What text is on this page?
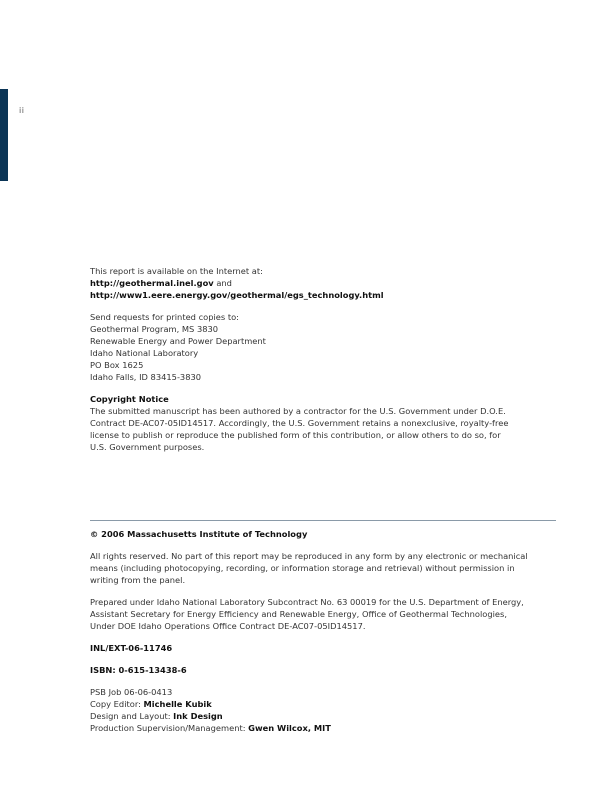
ii
This report is available on the Internet at:
http://geothermal.inel.gov and
http://www1.eere.energy.gov/geothermal/egs_technology.html
Send requests for printed copies to:
Geothermal Program, MS 3830
Renewable Energy and Power Department
Idaho National Laboratory
PO Box 1625
Idaho Falls, ID 83415-3830
Copyright Notice
The submitted manuscript has been authored by a contractor for the U.S. Government under D.O.E.
Contract DE-AC07-05ID14517. Accordingly, the U.S. Government retains a nonexclusive, royalty-free
license to publish or reproduce the published form of this contribution, or allow others to do so, for
U.S. Government purposes.
© 2006 Massachusetts Institute of Technology
All rights reserved. No part of this report may be reproduced in any form by any electronic or mechanical
means (including photocopying, recording, or information storage and retrieval) without permission in
writing from the panel.
Prepared under Idaho National Laboratory Subcontract No. 63 00019 for the U.S. Department of Energy,
Assistant Secretary for Energy Efficiency and Renewable Energy, Office of Geothermal Technologies,
Under DOE Idaho Operations Office Contract DE-AC07-05ID14517.
INL/EXT-06-11746
ISBN: 0-615-13438-6
PSB Job 06-06-0413
Copy Editor: Michelle Kubik
Design and Layout: Ink Design
Production Supervision/Management: Gwen Wilcox, MIT
